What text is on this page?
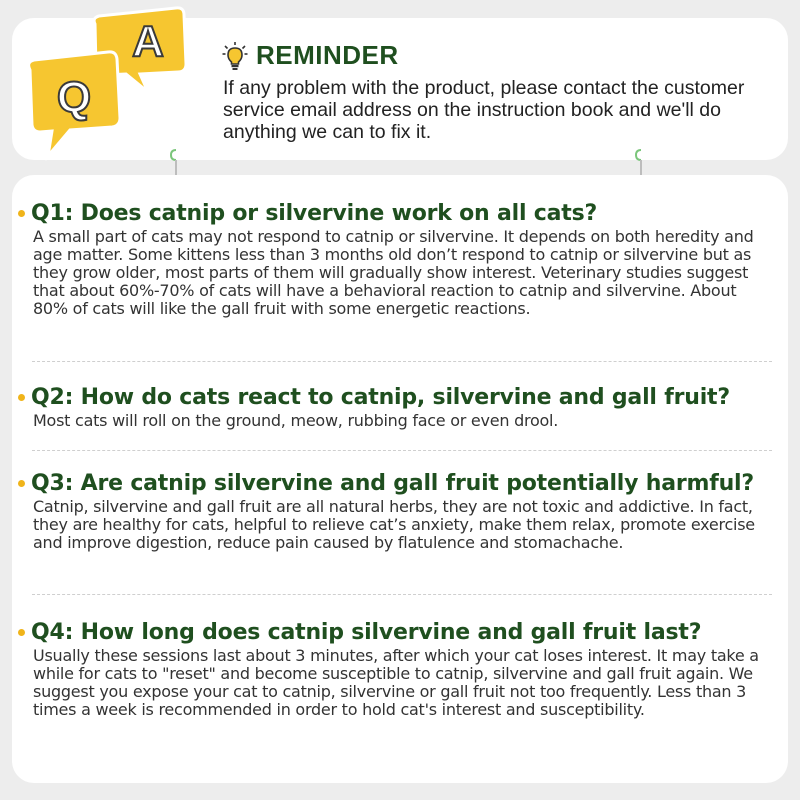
A
Q
REMINDER
If any problem with the product, please contact the customer service email address on the instruction book and we'll do anything we can to fix it.
Q1: Does catnip or silvervine work on all cats?
A small part of cats may not respond to catnip or silvervine. It depends on both heredity and age matter. Some kittens less than 3 months old don’t respond to catnip or silvervine but as they grow older, most parts of them will gradually show interest. Veterinary studies suggest that about 60%-70% of cats will have a behavioral reaction to catnip and silvervine. About 80% of cats will like the gall fruit with some energetic reactions.
Q2: How do cats react to catnip, silvervine and gall fruit?
Most cats will roll on the ground, meow, rubbing face or even drool.
Q3: Are catnip silvervine and gall fruit potentially harmful?
Catnip, silvervine and gall fruit are all natural herbs, they are not toxic and addictive. In fact, they are healthy for cats, helpful to relieve cat’s anxiety, make them relax, promote exercise and improve digestion, reduce pain caused by flatulence and stomachache.
Q4: How long does catnip silvervine and gall fruit last?
Usually these sessions last about 3 minutes, after which your cat loses interest. It may take a while for cats to "reset" and become susceptible to catnip, silvervine and gall fruit again. We suggest you expose your cat to catnip, silvervine or gall fruit not too frequently. Less than 3 times a week is recommended in order to hold cat's interest and susceptibility.
